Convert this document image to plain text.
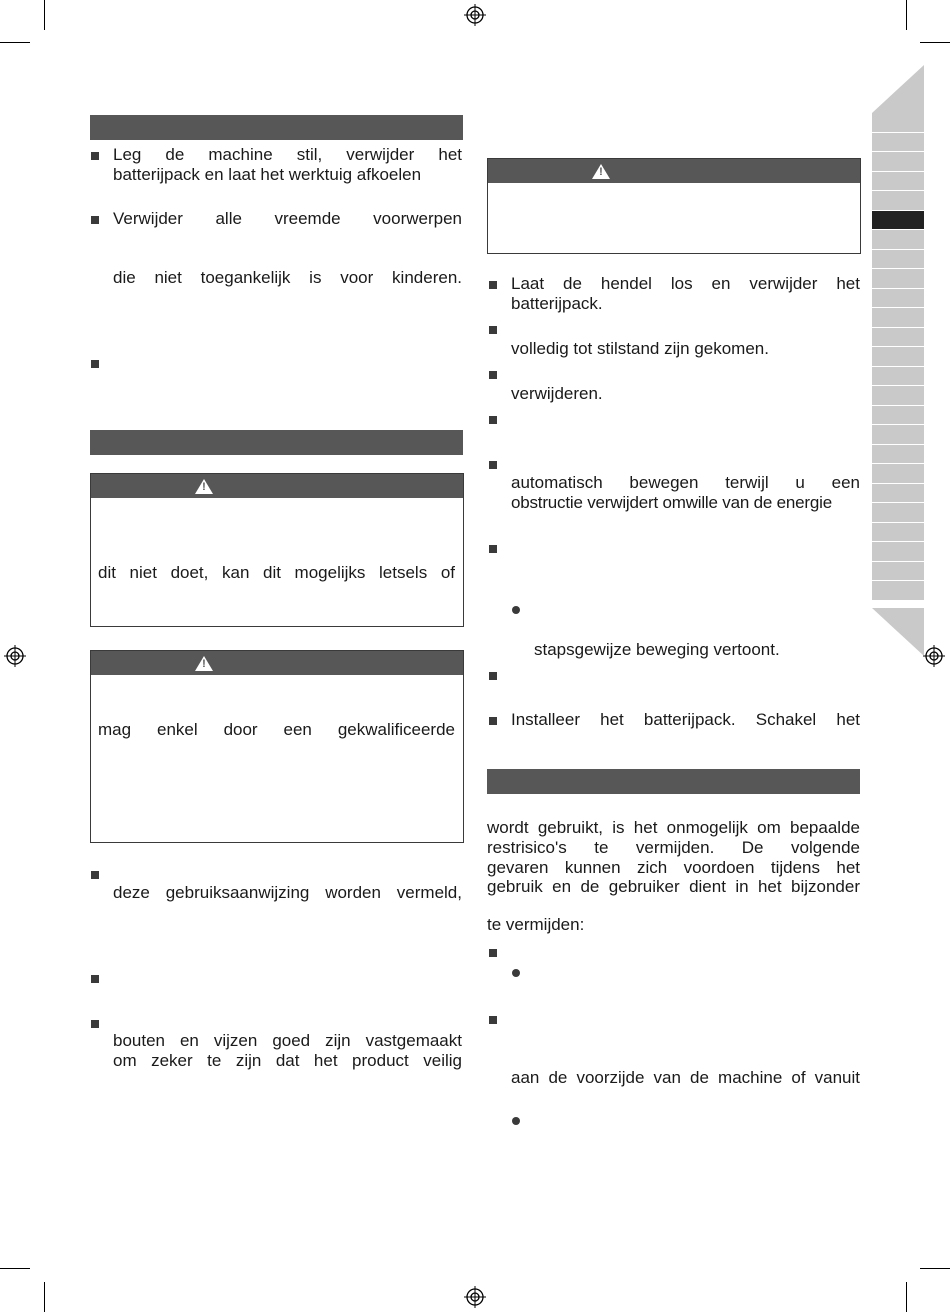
Leg de machine stil, verwijder het
batterijpack en laat het werktuig afkoelen
Verwijder alle vreemde voorwerpen
die niet toegankelijk is voor kinderen.
!
dit niet doet, kan dit mogelijks letsels of
!
mag enkel door een gekwalificeerde
deze gebruiksaanwijzing worden vermeld,
bouten en vijzen goed zijn vastgemaakt
om zeker te zijn dat het product veilig
!
Laat de hendel los en verwijder het
batterijpack.
volledig tot stilstand zijn gekomen.
verwijderen.
automatisch bewegen terwijl u een
obstructie verwijdert omwille van de energie
stapsgewijze beweging vertoont.
Installeer het batterijpack. Schakel het
wordt gebruikt, is het onmogelijk om bepaalde
restrisico's te vermijden. De volgende
gevaren kunnen zich voordoen tijdens het
gebruik en de gebruiker dient in het bijzonder
te vermijden:
aan de voorzijde van de machine of vanuit
